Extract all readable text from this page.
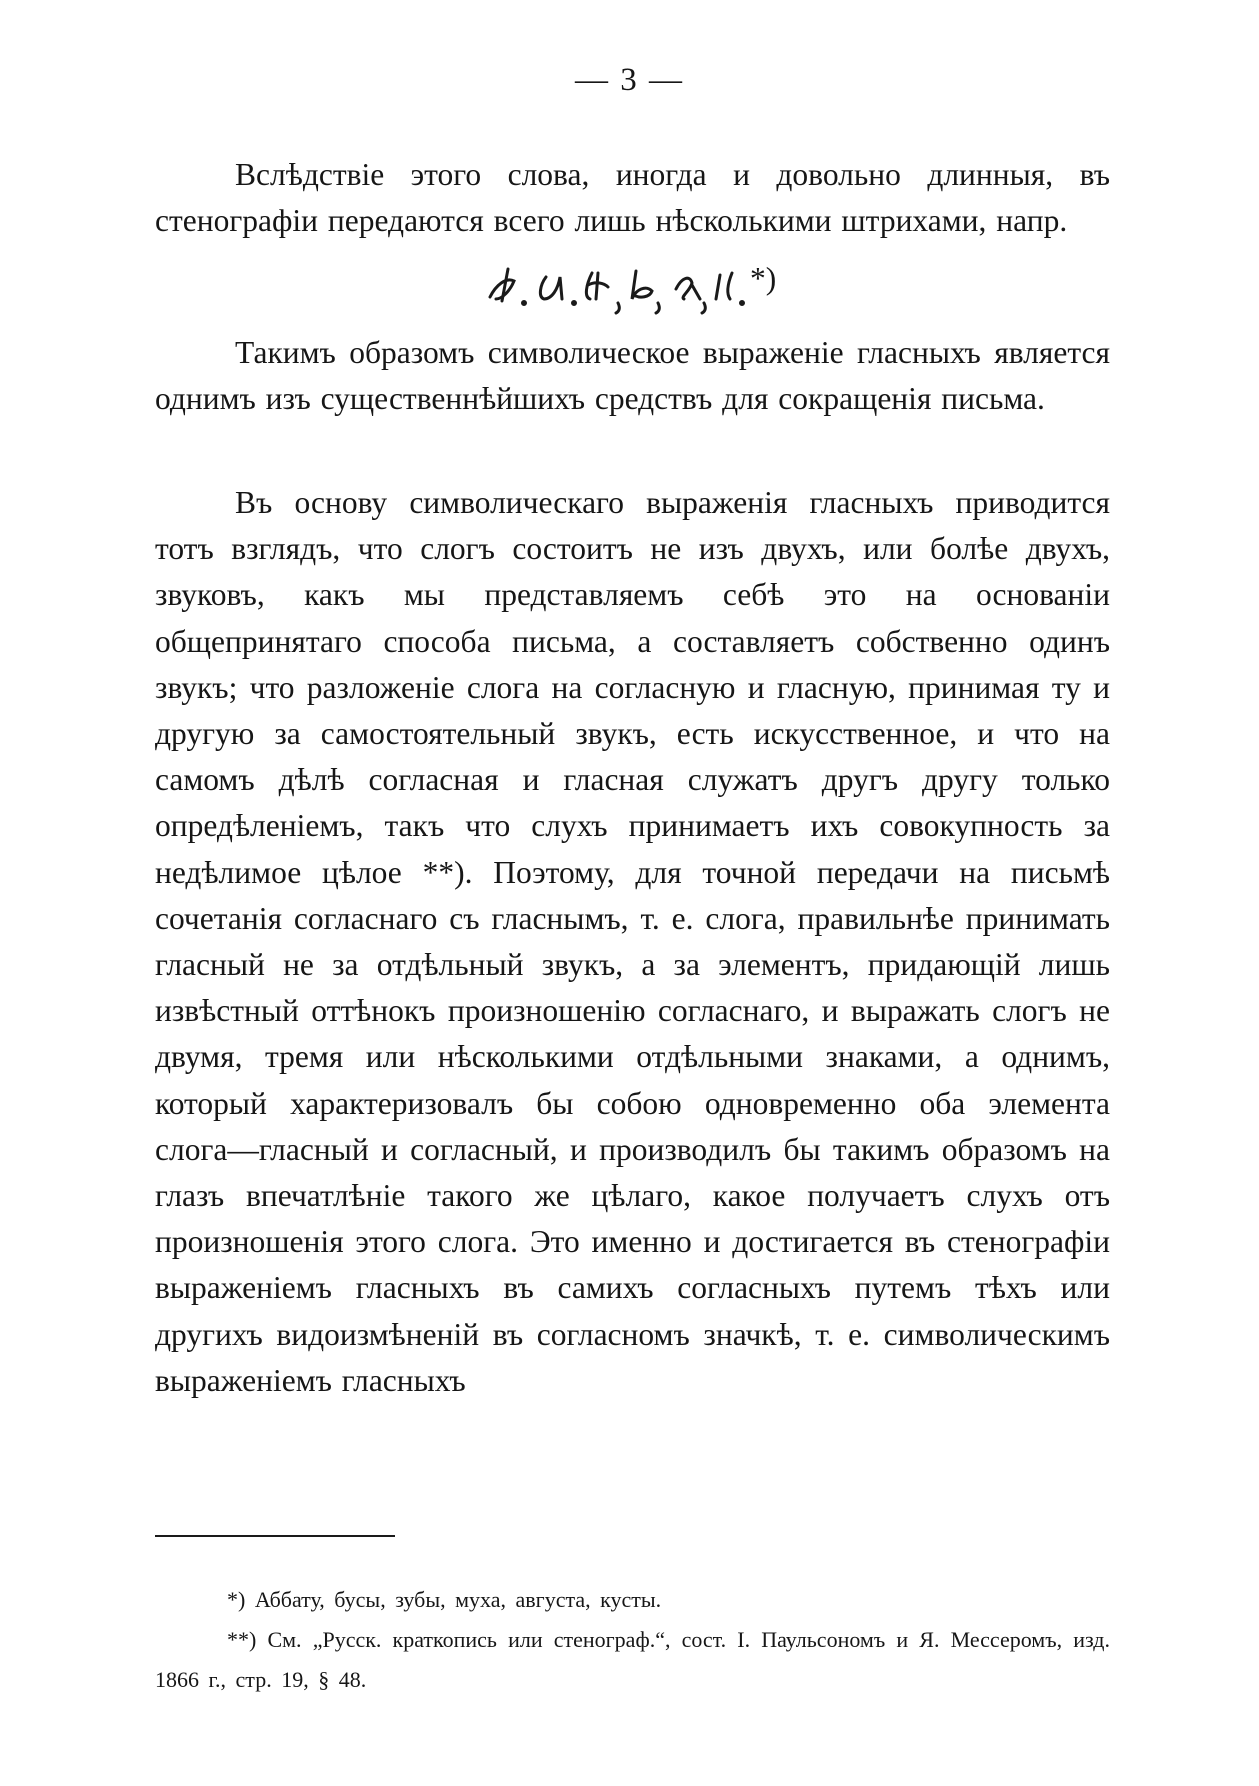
— 3 —

Вслѣдствіе этого слова, иногда и довольно длинныя, въ стенографіи передаются всего лишь нѣсколькими штрихами, напр.

*)

Такимъ образомъ символическое выраженіе гласныхъ является однимъ изъ существеннѣйшихъ средствъ для сокращенія письма.

Въ основу символическаго выраженія гласныхъ приводится тотъ взглядъ, что слогъ состоитъ не изъ двухъ, или болѣе двухъ, звуковъ, какъ мы представляемъ себѣ это на основаніи общепринятаго способа письма, а составляетъ собственно одинъ звукъ; что разложеніе слога на согласную и гласную, принимая ту и другую за самостоятельный звукъ, есть искусственное, и что на самомъ дѣлѣ согласная и гласная служатъ другъ другу только опредѣленіемъ, такъ что слухъ принимаетъ ихъ совокупность за недѣлимое цѣлое **). Поэтому, для точной передачи на письмѣ сочетанія согласнаго съ гласнымъ, т. е. слога, правильнѣе принимать гласный не за отдѣльный звукъ, а за элементъ, придающій лишь извѣстный оттѣнокъ произношенію согласнаго, и выражать слогъ не двумя, тремя или нѣсколькими отдѣльными знаками, а однимъ, который характеризовалъ бы собою одновременно оба элемента слога—гласный и согласный, и производилъ бы такимъ образомъ на глазъ впечатлѣніе такого же цѣлаго, какое получаетъ слухъ отъ произношенія этого слога. Это именно и достигается въ стенографіи выраженіемъ гласныхъ въ самихъ согласныхъ путемъ тѣхъ или другихъ видоизмѣненій въ согласномъ значкѣ, т. е. символическимъ выраженіемъ гласныхъ

*) Аббату, бусы, зубы, муха, августа, кусты.

**) См. „Русск. краткопись или стенограф.“, сост. І. Паульсономъ и Я. Мессеромъ, изд. 1866 г., стр. 19, § 48.
